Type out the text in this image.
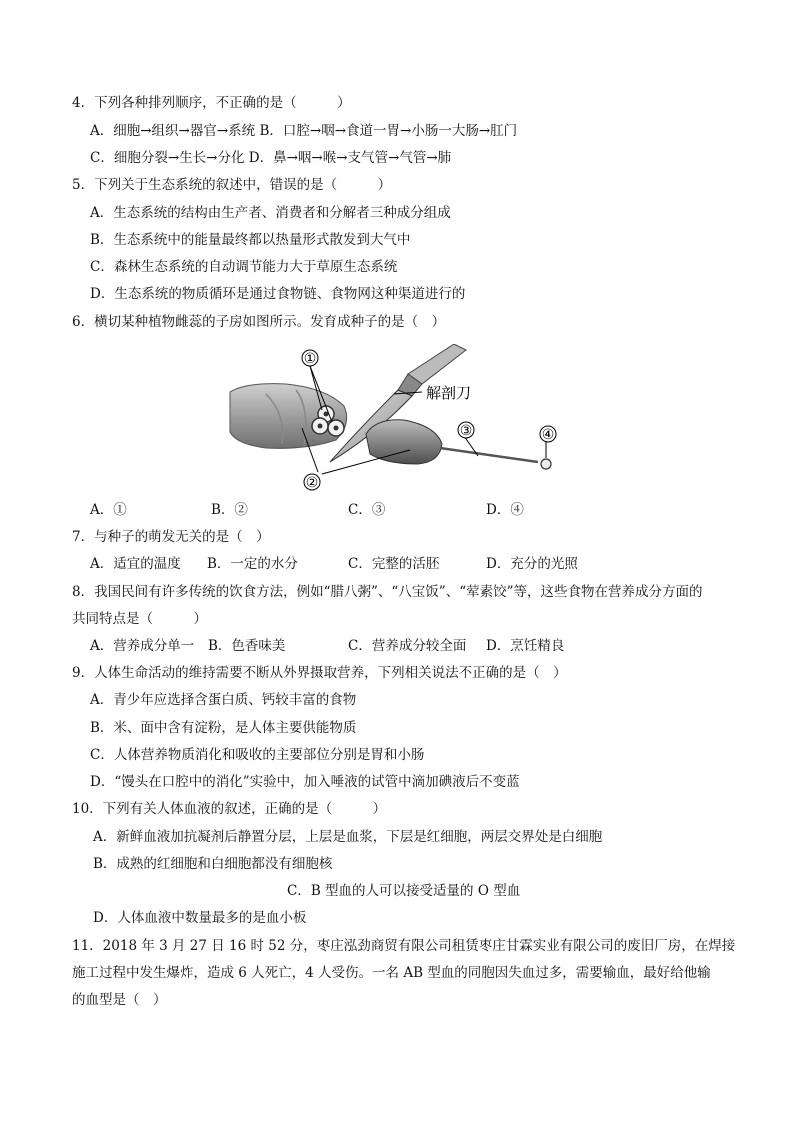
4．下列各种排列顺序，不正确的是（　　　）
A．细胞→组织→器官→系统 B．口腔→咽→食道一胃→小肠一大肠→肛门
C．细胞分裂→生长→分化 D．鼻→咽→喉→支气管→气管→肺
5．下列关于生态系统的叙述中，错误的是（　　　）
A．生态系统的结构由生产者、消费者和分解者三种成分组成
B．生态系统中的能量最终都以热量形式散发到大气中
C．森林生态系统的自动调节能力大于草原生态系统
D．生态系统的物质循环是通过食物链、食物网这种渠道进行的
6．横切某种植物雌蕊的子房如图所示。发育成种子的是（　）
①
②
③	④
解剖刀
A．①	B．②	C．③	D．④
7．与种子的萌发无关的是（　）
A．适宜的温度 B．一定的水分	C．完整的活胚	D．充分的光照
8．我国民间有许多传统的饮食方法，例如“腊八粥”、“八宝饭”、“荤素饺”等，这些食物在营养成分方面的
共同特点是（　　　）
A．营养成分单一 B．色香味美	C．营养成分较全面 D．烹饪精良
9．人体生命活动的维持需要不断从外界摄取营养，下列相关说法不正确的是（　）
A．青少年应选择含蛋白质、钙较丰富的食物
B．米、面中含有淀粉，是人体主要供能物质
C．人体营养物质消化和吸收的主要部位分别是胃和小肠
D．“馒头在口腔中的消化”实验中，加入唾液的试管中滴加碘液后不变蓝
10．下列有关人体血液的叙述，正确的是（　　　）
A．新鲜血液加抗凝剂后静置分层，上层是血浆，下层是红细胞，两层交界处是白细胞
B．成熟的红细胞和白细胞都没有细胞核
C．B 型血的人可以接受适量的 O 型血
D．人体血液中数量最多的是血小板
11．2018 年 3 月 27 日 16 时 52 分，枣庄泓劲商贸有限公司租赁枣庄甘霖实业有限公司的废旧厂房，在焊接
施工过程中发生爆炸，造成 6 人死亡，4 人受伤。一名 AB 型血的同胞因失血过多，需要输血，最好给他输
的血型是（　）
